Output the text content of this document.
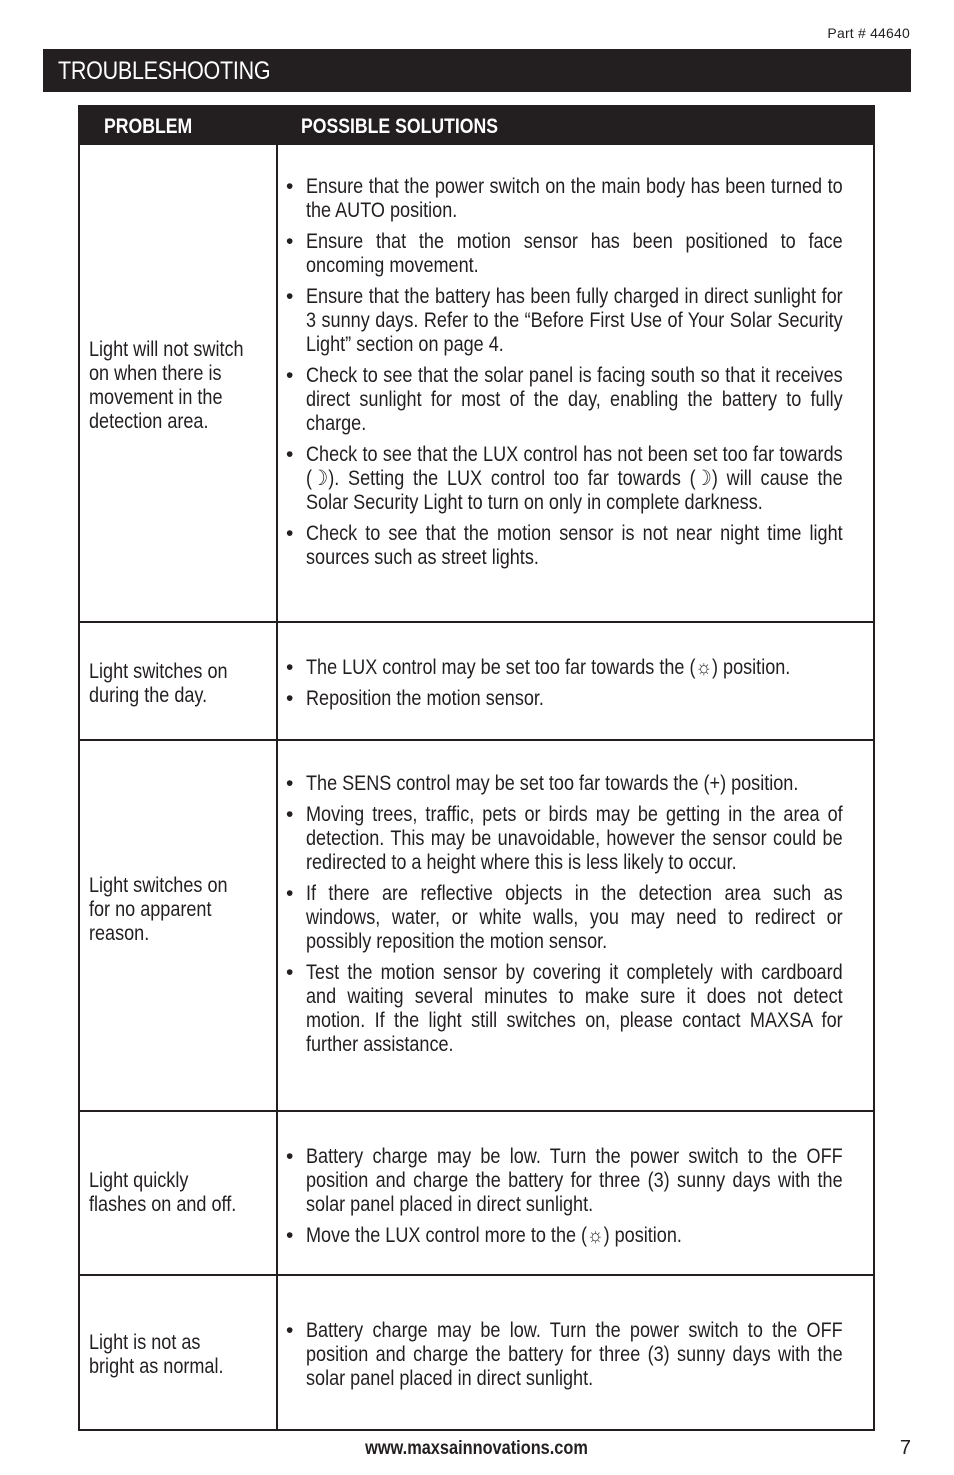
Part # 44640
TROUBLESHOOTING
PROBLEM	POSSIBLE SOLUTIONS
Light will not switch
on when there is
movement in the
detection area.
• Ensure that the power switch on the main body has been turned to the AUTO position.
• Ensure that the motion sensor has been positioned to face oncoming movement.
• Ensure that the battery has been fully charged in direct sunlight for 3 sunny days. Refer to the “Before First Use of Your Solar Security Light” section on page 4.
• Check to see that the solar panel is facing south so that it receives direct sunlight for most of the day, enabling the battery to fully charge.
• Check to see that the LUX control has not been set too far towards (☽). Setting the LUX control too far towards (☽) will cause the Solar Security Light to turn on only in complete darkness.
• Check to see that the motion sensor is not near night time light sources such as street lights.
Light switches on
during the day.
• The LUX control may be set too far towards the (☼) position.
• Reposition the motion sensor.
Light switches on
for no apparent
reason.
• The SENS control may be set too far towards the (+) position.
• Moving trees, traffic, pets or birds may be getting in the area of detection. This may be unavoidable, however the sensor could be redirected to a height where this is less likely to occur.
• If there are reflective objects in the detection area such as windows, water, or white walls, you may need to redirect or possibly reposition the motion sensor.
• Test the motion sensor by covering it completely with cardboard and waiting several minutes to make sure it does not detect motion. If the light still switches on, please contact MAXSA for further assistance.
Light quickly
flashes on and off.
• Battery charge may be low. Turn the power switch to the OFF position and charge the battery for three (3) sunny days with the solar panel placed in direct sunlight.
• Move the LUX control more to the (☼) position.
Light is not as
bright as normal.
• Battery charge may be low. Turn the power switch to the OFF position and charge the battery for three (3) sunny days with the solar panel placed in direct sunlight.
www.maxsainnovations.com	7
